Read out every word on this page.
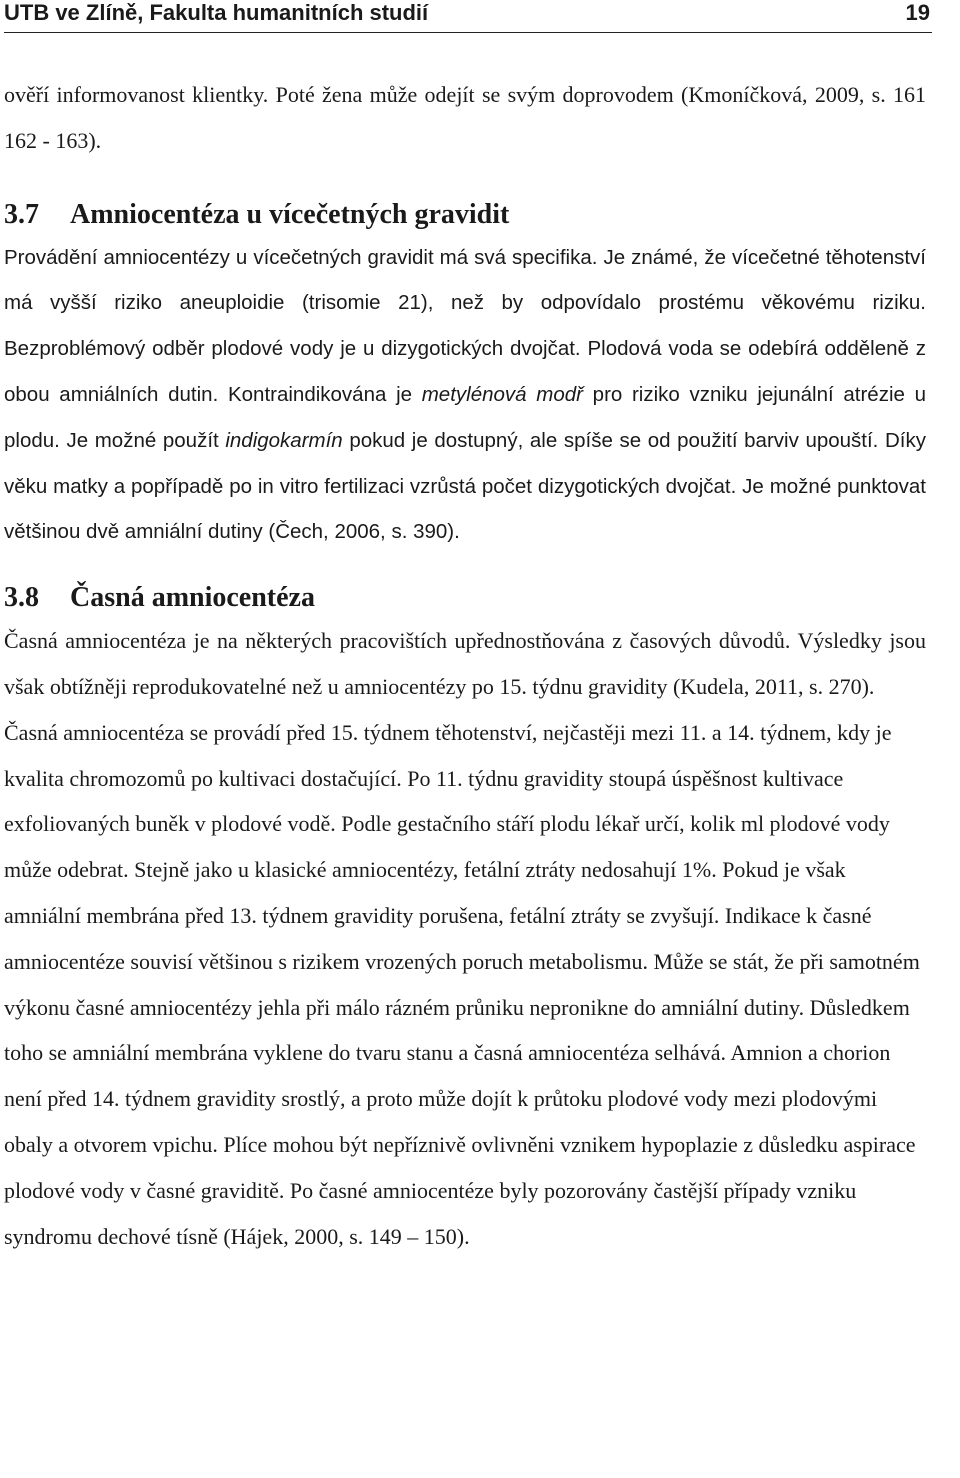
UTB ve Zlíně, Fakulta humanitních studií	19

ověří informovanost klientky. Poté žena může odejít se svým doprovodem (Kmoníčková, 2009, s. 161 162 - 163).

3.7 Amniocentéza u vícečetných gravidit

Provádění amniocentézy u vícečetných gravidit má svá specifika. Je známé, že vícečetné těhotenství má vyšší riziko aneuploidie (trisomie 21), než by odpovídalo prostému věkovému riziku. Bezproblémový odběr plodové vody je u dizygotických dvojčat. Plodová voda se odebírá odděleně z obou amniálních dutin. Kontraindikována je metylénová modř pro riziko vzniku jejunální atrézie u plodu. Je možné použít indigokarmín pokud je dostupný, ale spíše se od použití barviv upouští. Díky věku matky a popřípadě po in vitro fertilizaci vzrůstá počet dizygotických dvojčat. Je možné punktovat většinou dvě amniální dutiny (Čech, 2006, s. 390).

3.8 Časná amniocentéza

Časná amniocentéza je na některých pracovištích upřednostňována z časových důvodů. Výsledky jsou však obtížněji reprodukovatelné než u amniocentézy po 15. týdnu gravidity (Kudela, 2011, s. 270).

Časná amniocentéza se provádí před 15. týdnem těhotenství, nejčastěji mezi 11. a 14. týdnem, kdy je kvalita chromozomů po kultivaci dostačující. Po 11. týdnu gravidity stoupá úspěšnost kultivace exfoliovaných buněk v plodové vodě. Podle gestačního stáří plodu lékař určí, kolik ml plodové vody může odebrat. Stejně jako u klasické amniocentézy, fetální ztráty nedosahují 1%. Pokud je však amniální membrána před 13. týdnem gravidity porušena, fetální ztráty se zvyšují. Indikace k časné amniocentéze souvisí většinou s rizikem vrozených poruch metabolismu. Může se stát, že při samotném výkonu časné amniocentézy jehla při málo rázném průniku nepronikne do amniální dutiny. Důsledkem toho se amniální membrána vyklene do tvaru stanu a časná amniocentéza selhává. Amnion a chorion není před 14. týdnem gravidity srostlý, a proto může dojít k průtoku plodové vody mezi plodovými obaly a otvorem vpichu. Plíce mohou být nepříznivě ovlivněni vznikem hypoplazie z důsledku aspirace plodové vody v časné graviditě. Po časné amniocentéze byly pozorovány častější případy vzniku syndromu dechové tísně (Hájek, 2000, s. 149 – 150).
